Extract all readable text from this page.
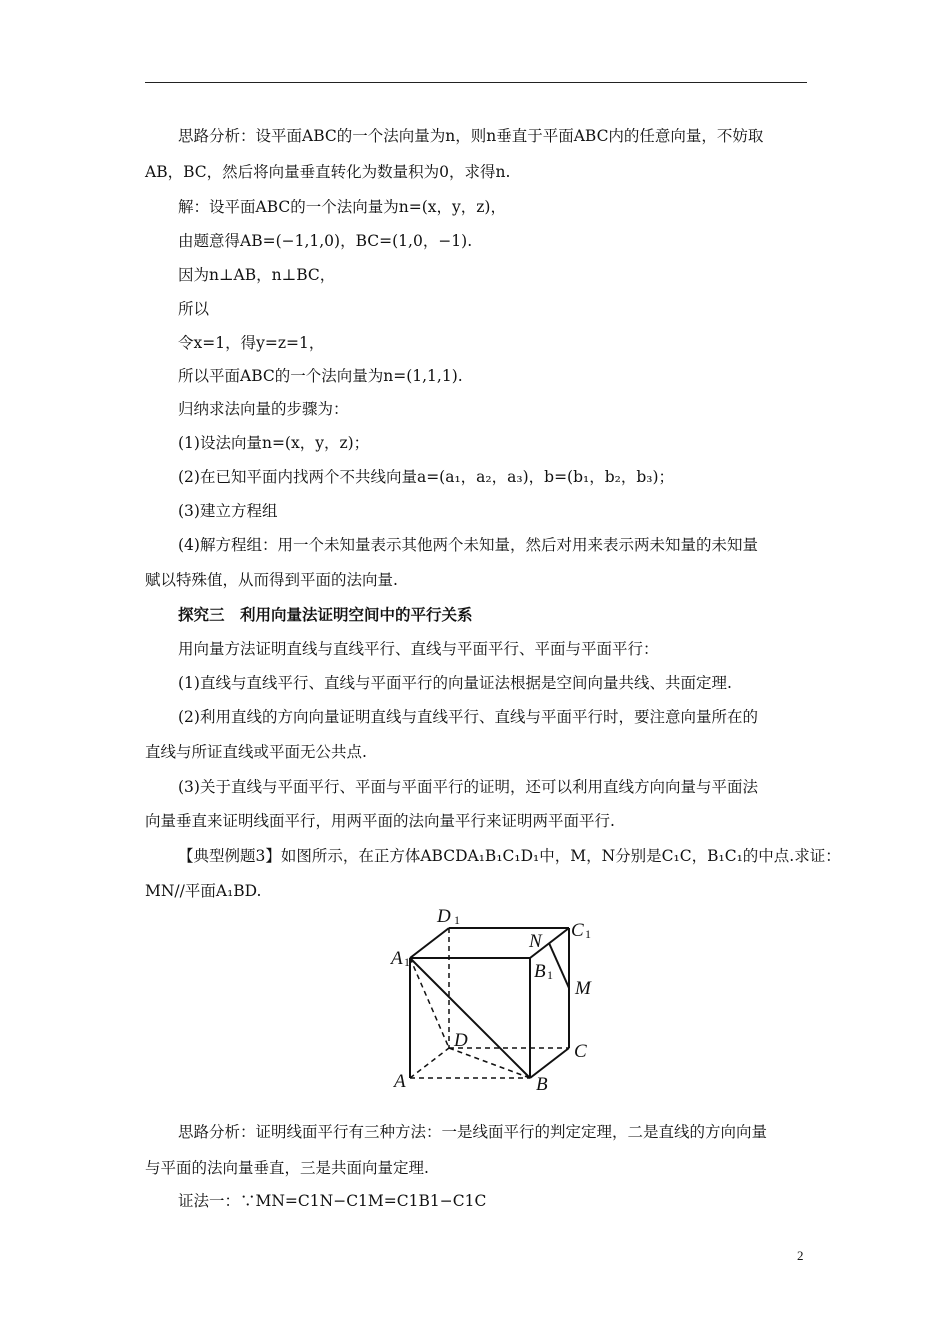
思路分析：设平面ABC的一个法向量为n，则n垂直于平面ABC内的任意向量，不妨取
AB，BC，然后将向量垂直转化为数量积为0，求得n.
解：设平面ABC的一个法向量为n=(x，y，z)，
由题意得AB=(−1,1,0)，BC=(1,0，−1).
因为n⊥AB，n⊥BC，
所以
令x=1，得y=z=1，
所以平面ABC的一个法向量为n=(1,1,1).
归纳求法向量的步骤为：
(1)设法向量n=(x，y，z)；
(2)在已知平面内找两个不共线向量a=(a₁，a₂，a₃)，b=(b₁，b₂，b₃)；
(3)建立方程组
(4)解方程组：用一个未知量表示其他两个未知量，然后对用来表示两未知量的未知量
赋以特殊值，从而得到平面的法向量.
探究三　利用向量法证明空间中的平行关系
用向量方法证明直线与直线平行、直线与平面平行、平面与平面平行：
(1)直线与直线平行、直线与平面平行的向量证法根据是空间向量共线、共面定理.
(2)利用直线的方向向量证明直线与直线平行、直线与平面平行时，要注意向量所在的
直线与所证直线或平面无公共点.
(3)关于直线与平面平行、平面与平面平行的证明，还可以利用直线方向向量与平面法
向量垂直来证明线面平行，用两平面的法向量平行来证明两平面平行.
【典型例题3】如图所示，在正方体ABCDA₁B₁C₁D₁中，M，N分别是C₁C，B₁C₁的中点.求证：
MN//平面A₁BD.
D 1	C 1
N
A 1	B 1
M
D
C
A	B
思路分析：证明线面平行有三种方法：一是线面平行的判定定理，二是直线的方向向量
与平面的法向量垂直，三是共面向量定理.
证法一：∵MN=C1N−C1M=C1B1−C1C
2
